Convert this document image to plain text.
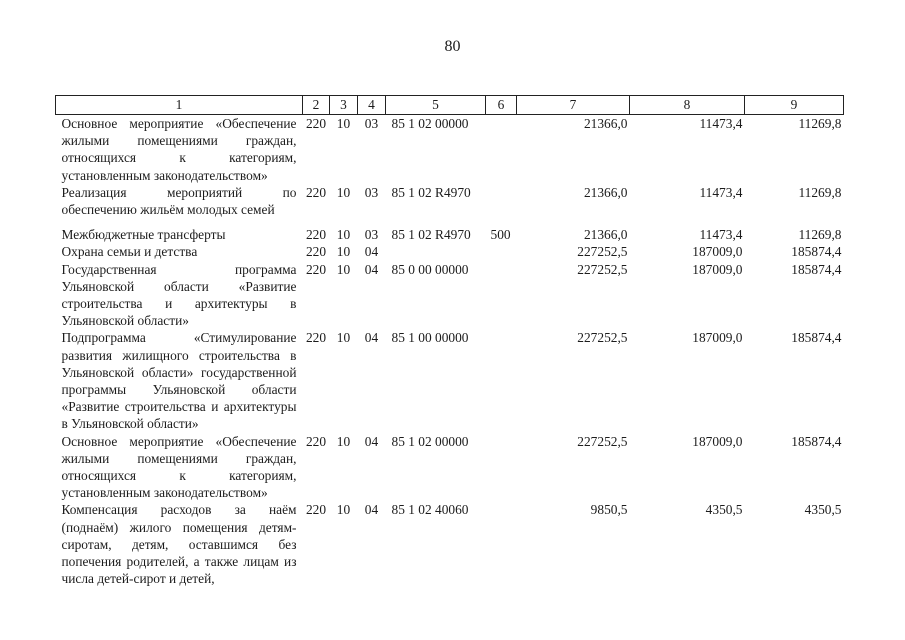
80
1	2	3	4	5	6	7	8	9
Основное мероприятие «Обеспечение жилыми помещениями граждан, относящихся к категориям, установленным законодательством»	220	10	03	85 1 02 00000		21366,0	11473,4	11269,8
Реализация мероприятий по обеспечению жильём молодых семей	220	10	03	85 1 02 R4970		21366,0	11473,4	11269,8
Межбюджетные трансферты	220	10	03	85 1 02 R4970	500	21366,0	11473,4	11269,8
Охрана семьи и детства	220	10	04			227252,5	187009,0	185874,4
Государственная программа Ульяновской области «Развитие строительства и архитектуры в Ульяновской области»	220	10	04	85 0 00 00000		227252,5	187009,0	185874,4
Подпрограмма «Стимулирование развития жилищного строительства в Ульяновской области» государственной программы Ульяновской области «Развитие строительства и архитектуры в Ульяновской области»	220	10	04	85 1 00 00000		227252,5	187009,0	185874,4
Основное мероприятие «Обеспечение жилыми помещениями граждан, относящихся к категориям, установленным законодательством»	220	10	04	85 1 02 00000		227252,5	187009,0	185874,4
Компенсация расходов за наём (поднаём) жилого помещения детям-сиротам, детям, оставшимся без попечения родителей, а также лицам из числа детей-сирот и детей,	220	10	04	85 1 02 40060		9850,5	4350,5	4350,5
